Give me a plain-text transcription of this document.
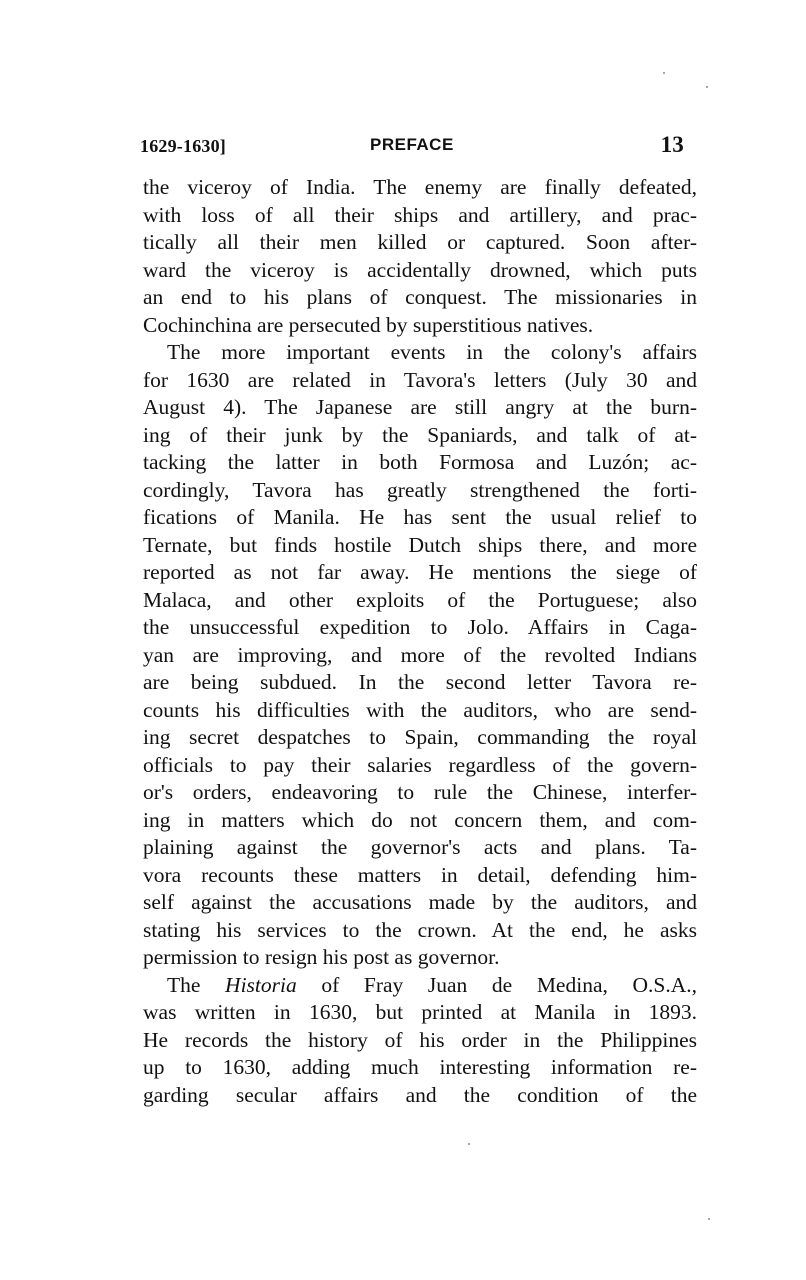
1629-1630]	PREFACE	13
the viceroy of India. The enemy are finally defeated,
with loss of all their ships and artillery, and prac-
tically all their men killed or captured. Soon after-
ward the viceroy is accidentally drowned, which puts
an end to his plans of conquest. The missionaries in
Cochinchina are persecuted by superstitious natives.
The more important events in the colony's affairs
for 1630 are related in Tavora's letters (July 30 and
August 4). The Japanese are still angry at the burn-
ing of their junk by the Spaniards, and talk of at-
tacking the latter in both Formosa and Luzón; ac-
cordingly, Tavora has greatly strengthened the forti-
fications of Manila. He has sent the usual relief to
Ternate, but finds hostile Dutch ships there, and more
reported as not far away. He mentions the siege of
Malaca, and other exploits of the Portuguese; also
the unsuccessful expedition to Jolo. Affairs in Caga-
yan are improving, and more of the revolted Indians
are being subdued. In the second letter Tavora re-
counts his difficulties with the auditors, who are send-
ing secret despatches to Spain, commanding the royal
officials to pay their salaries regardless of the govern-
or's orders, endeavoring to rule the Chinese, interfer-
ing in matters which do not concern them, and com-
plaining against the governor's acts and plans. Ta-
vora recounts these matters in detail, defending him-
self against the accusations made by the auditors, and
stating his services to the crown. At the end, he asks
permission to resign his post as governor.
The Historia of Fray Juan de Medina, O.S.A.,
was written in 1630, but printed at Manila in 1893.
He records the history of his order in the Philippines
up to 1630, adding much interesting information re-
garding secular affairs and the condition of the
